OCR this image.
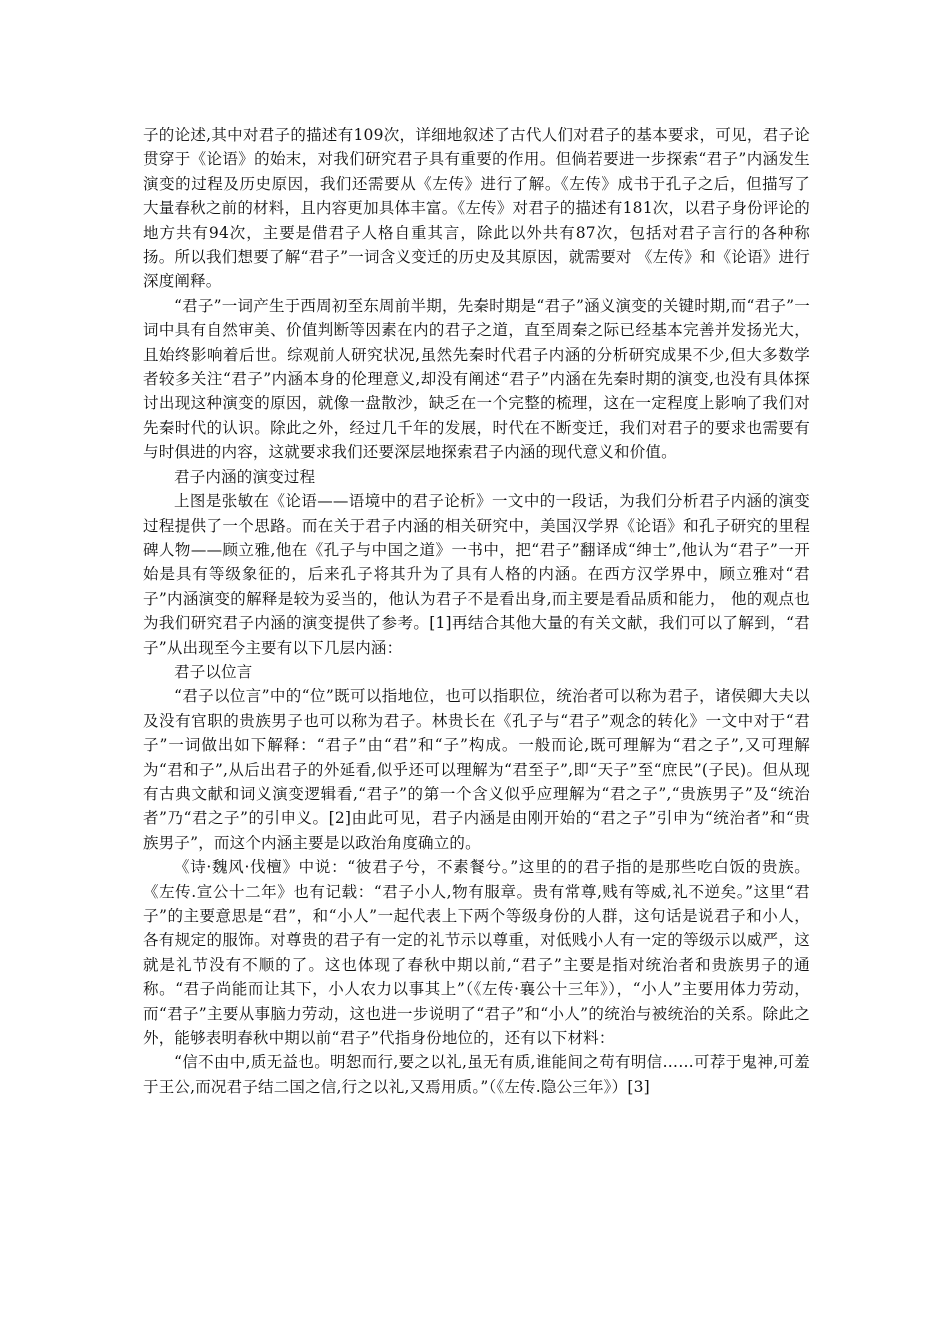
子的论述,其中对君子的描述有109次，详细地叙述了古代人们对君子的基本要求，可见，君子论贯穿于《论语》的始末，对我们研究君子具有重要的作用。但倘若要进一步探索“君子”内涵发生演变的过程及历史原因，我们还需要从《左传》进行了解。《左传》成书于孔子之后，但描写了大量春秋之前的材料，且内容更加具体丰富。《左传》对君子的描述有181次，以君子身份评论的地方共有94次，主要是借君子人格自重其言，除此以外共有87次，包括对君子言行的各种称扬。所以我们想要了解“君子”一词含义变迁的历史及其原因，就需要对 《左传》和《论语》进行深度阐释。

“君子”一词产生于西周初至东周前半期，先秦时期是“君子”涵义演变的关键时期,而“君子”一词中具有自然审美、价值判断等因素在内的君子之道，直至周秦之际已经基本完善并发扬光大，且始终影响着后世。综观前人研究状况,虽然先秦时代君子内涵的分析研究成果不少,但大多数学者较多关注“君子”内涵本身的伦理意义,却没有阐述“君子”内涵在先秦时期的演变,也没有具体探讨出现这种演变的原因，就像一盘散沙，缺乏在一个完整的梳理，这在一定程度上影响了我们对先秦时代的认识。除此之外，经过几千年的发展，时代在不断变迁，我们对君子的要求也需要有与时俱进的内容，这就要求我们还要深层地探索君子内涵的现代意义和价值。

君子内涵的演变过程

上图是张敏在《论语——语境中的君子论析》一文中的一段话，为我们分析君子内涵的演变过程提供了一个思路。而在关于君子内涵的相关研究中，美国汉学界《论语》和孔子研究的里程碑人物——顾立雅,他在《孔子与中国之道》一书中，把“君子”翻译成“绅士”,他认为“君子”一开始是具有等级象征的，后来孔子将其升为了具有人格的内涵。在西方汉学界中，顾立雅对“君子”内涵演变的解释是较为妥当的，他认为君子不是看出身,而主要是看品质和能力， 他的观点也为我们研究君子内涵的演变提供了参考。[1]再结合其他大量的有关文献，我们可以了解到，“君子”从出现至今主要有以下几层内涵：

君子以位言

“君子以位言”中的“位”既可以指地位，也可以指职位，统治者可以称为君子，诸侯卿大夫以及没有官职的贵族男子也可以称为君子。林贵长在《孔子与“君子”观念的转化》一文中对于“君子”一词做出如下解释：“君子”由“君”和“子”构成。一般而论,既可理解为“君之子”,又可理解为“君和子”,从后出君子的外延看,似乎还可以理解为“君至子”,即“天子”至“庶民”(子民)。但从现有古典文献和词义演变逻辑看,“君子”的第一个含义似乎应理解为“君之子”,“贵族男子”及“统治者”乃“君之子”的引申义。[2]由此可见，君子内涵是由刚开始的“君之子”引申为“统治者”和“贵族男子”，而这个内涵主要是以政治角度确立的。

《诗·魏风·伐檀》中说：“彼君子兮，不素餐兮。”这里的的君子指的是那些吃白饭的贵族。《左传.宣公十二年》也有记载：“君子小人,物有服章。贵有常尊,贱有等威,礼不逆矣。”这里“君子”的主要意思是“君”，和“小人”一起代表上下两个等级身份的人群，这句话是说君子和小人，各有规定的服饰。对尊贵的君子有一定的礼节示以尊重，对低贱小人有一定的等级示以威严，这就是礼节没有不顺的了。这也体现了春秋中期以前,“君子”主要是指对统治者和贵族男子的通称。“君子尚能而让其下，小人农力以事其上”（《左传·襄公十三年》），“小人”主要用体力劳动，而“君子”主要从事脑力劳动，这也进一步说明了“君子”和“小人”的统治与被统治的关系。除此之外，能够表明春秋中期以前“君子”代指身份地位的，还有以下材料：

“信不由中,质无益也。明恕而行,要之以礼,虽无有质,谁能间之苟有明信……可荐于鬼神,可羞于王公,而况君子结二国之信,行之以礼,又焉用质。”（《左传.隐公三年》）[3]
